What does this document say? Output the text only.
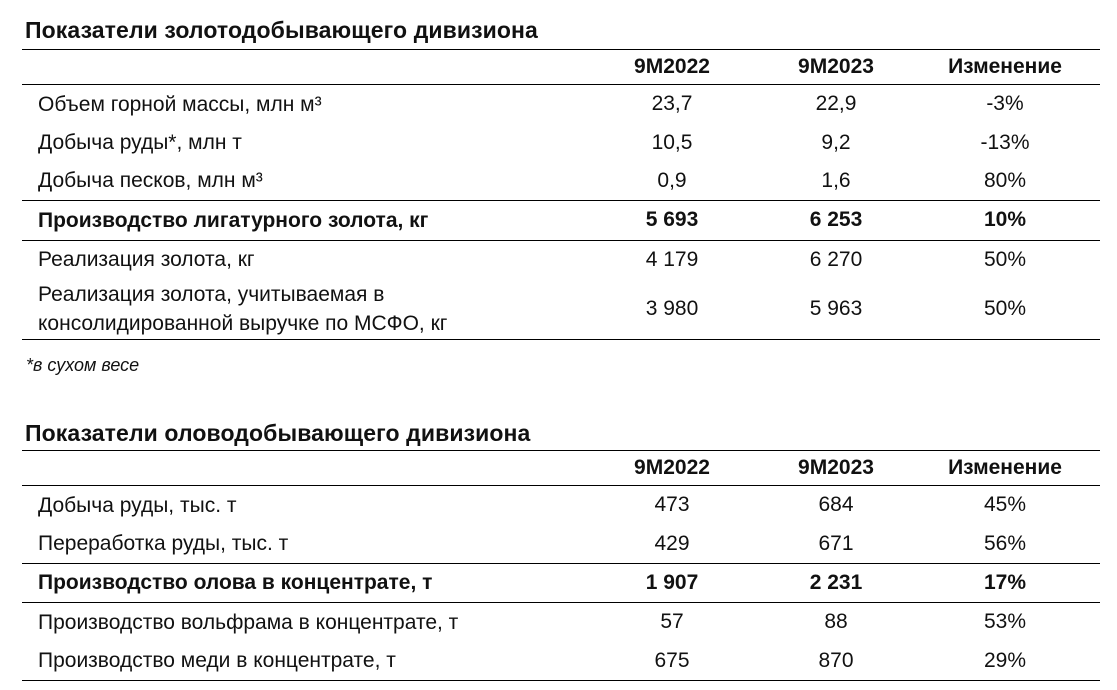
Показатели золотодобывающего дивизиона
	9M2022	9M2023	Изменение
Объем горной массы, млн м³	23,7	22,9	-3%
Добыча руды*, млн т	10,5	9,2	-13%
Добыча песков, млн м³	0,9	1,6	80%
Производство лигатурного золота, кг	5 693	6 253	10%
Реализация золота, кг	4 179	6 270	50%
Реализация золота, учитываемая в консолидированной выручке по МСФО, кг	3 980	5 963	50%
*в сухом весе
Показатели оловодобывающего дивизиона
	9M2022	9M2023	Изменение
Добыча руды, тыс. т	473	684	45%
Переработка руды, тыс. т	429	671	56%
Производство олова в концентрате, т	1 907	2 231	17%
Производство вольфрама в концентрате, т	57	88	53%
Производство меди в концентрате, т	675	870	29%
